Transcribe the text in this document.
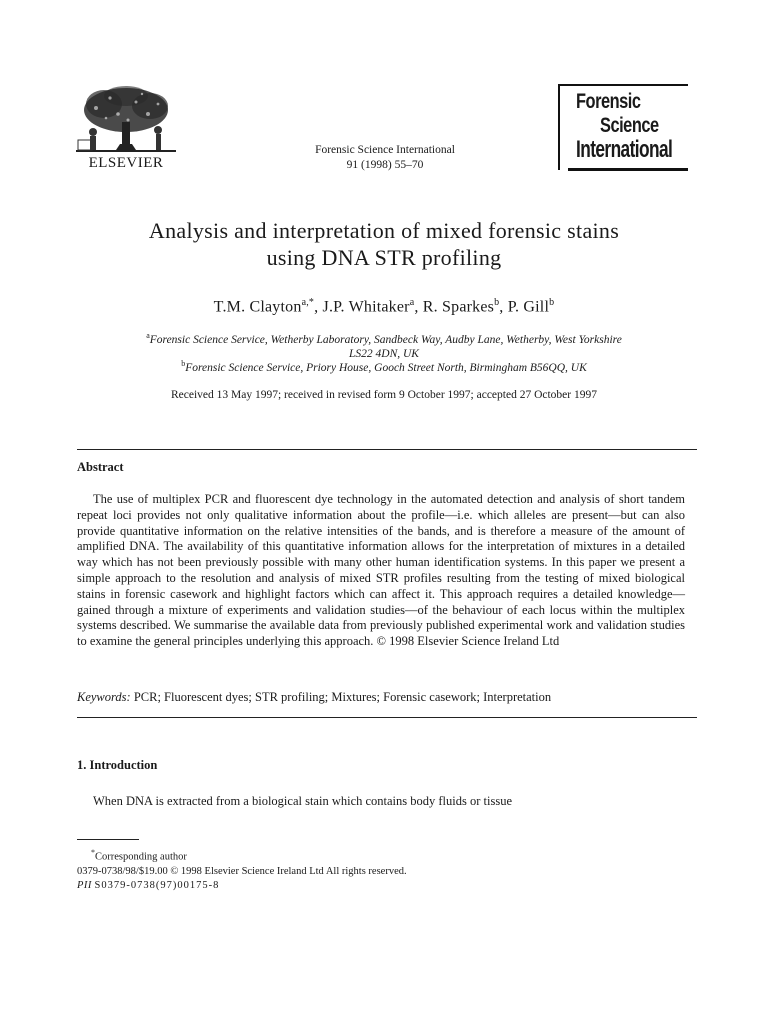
ELSEVIER
Forensic Science International
91 (1998) 55–70
Forensic
Science
International
Analysis and interpretation of mixed forensic stains
using DNA STR profiling
T.M. Clayton$^{a,*}$, J.P. Whitaker$^a$, R. Sparkes$^b$, P. Gill$^b$
$^a$Forensic Science Service, Wetherby Laboratory, Sandbeck Way, Audby Lane, Wetherby, West Yorkshire
LS22 4DN, UK
$^b$Forensic Science Service, Priory House, Gooch Street North, Birmingham B56QQ, UK
Received 13 May 1997; received in revised form 9 October 1997; accepted 27 October 1997
Abstract
The use of multiplex PCR and fluorescent dye technology in the automated detection and analysis of short tandem repeat loci provides not only qualitative information about the profile—i.e. which alleles are present—but can also provide quantitative information on the relative intensities of the bands, and is therefore a measure of the amount of amplified DNA. The availability of this quantitative information allows for the interpretation of mixtures in a detailed way which has not been previously possible with many other human identification systems. In this paper we present a simple approach to the resolution and analysis of mixed STR profiles resulting from the testing of mixed biological stains in forensic casework and highlight factors which can affect it. This approach requires a detailed knowledge—gained through a mixture of experiments and validation studies—of the behaviour of each locus within the multiplex systems described. We summarise the available data from previously published experimental work and validation studies to examine the general principles underlying this approach. © 1998 Elsevier Science Ireland Ltd
Keywords: PCR; Fluorescent dyes; STR profiling; Mixtures; Forensic casework; Interpretation
1. Introduction
When DNA is extracted from a biological stain which contains body fluids or tissue
*Corresponding author
0379-0738/98/$19.00 © 1998 Elsevier Science Ireland Ltd All rights reserved.
PII S0379-0738(97)00175-8
